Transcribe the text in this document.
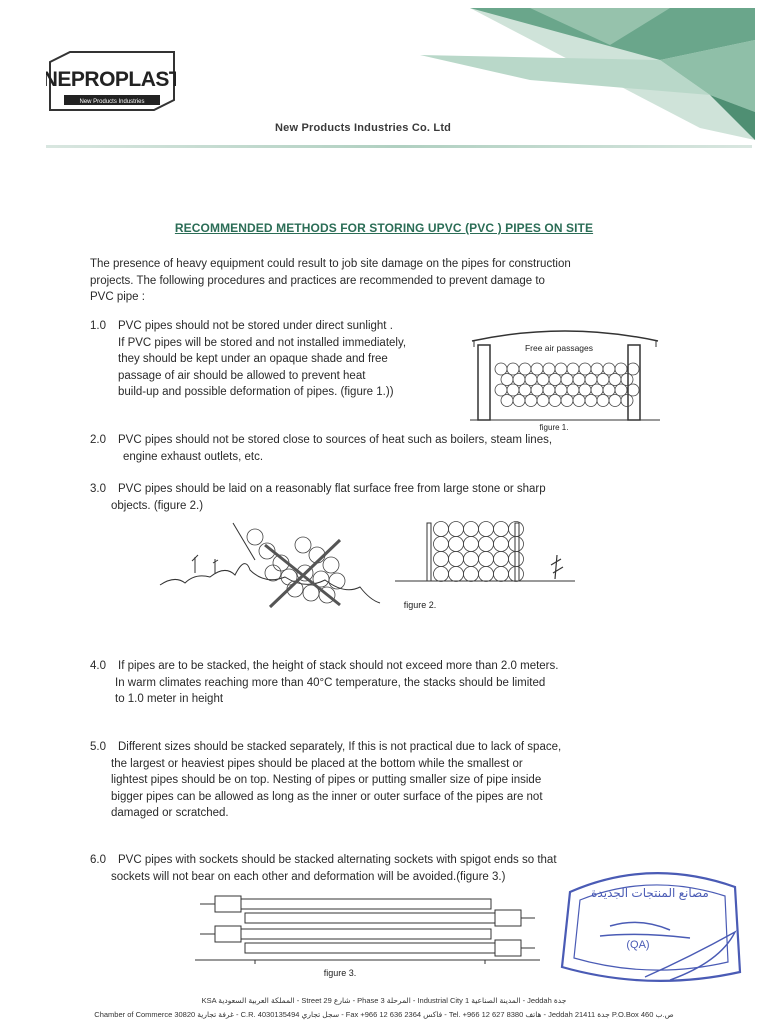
NEPROPLAST
New Products Industries
New Products Industries Co. Ltd
RECOMMENDED METHODS FOR STORING UPVC (PVC ) PIPES ON SITE
The presence of heavy equipment could result to job site damage on the pipes for construction
projects. The following procedures and practices are recommended to prevent damage to
PVC pipe :
1.0 PVC pipes should not be stored under direct sunlight .
If PVC pipes will be stored and not installed immediately,
they should be kept under an opaque shade and free
passage of air should be allowed to prevent heat
build-up and possible deformation of pipes. (figure 1.))
Free air passages
figure 1.
2.0 PVC pipes should not be stored close to sources of heat such as boilers, steam lines,
engine exhaust outlets, etc.
3.0 PVC pipes should be laid on a reasonably flat surface free from large stone or sharp
objects. (figure 2.)
figure 2.
4.0 If pipes are to be stacked, the height of stack should not exceed more than 2.0 meters.
In warm climates reaching more than 40°C temperature, the stacks should be limited
to 1.0 meter in height
5.0 Different sizes should be stacked separately, If this is not practical due to lack of space,
the largest or heaviest pipes should be placed at the bottom while the smallest or
lightest pipes should be on top. Nesting of pipes or putting smaller size of pipe inside
bigger pipes can be allowed as long as the inner or outer surface of the pipes are not
damaged or scratched.
6.0 PVC pipes with sockets should be stacked alternating sockets with spigot ends so that
sockets will not bear on each other and deformation will be avoided.(figure 3.)
figure 3.
مصانع المنتجات الجديدة
(QA)
KSA المملكة العربية السعودية - Street 29 شارع - Phase 3 المرحلة - Industrial City 1 المدينة الصناعية - Jeddah جدة
Chamber of Commerce 30820 غرفة تجارية - C.R. 4030135494 سجل تجاري - Fax +966 12 636 2364 فاكس - Tel. +966 12 627 8380 هاتف - Jeddah 21411 جدة P.O.Box 460 ص.ب
